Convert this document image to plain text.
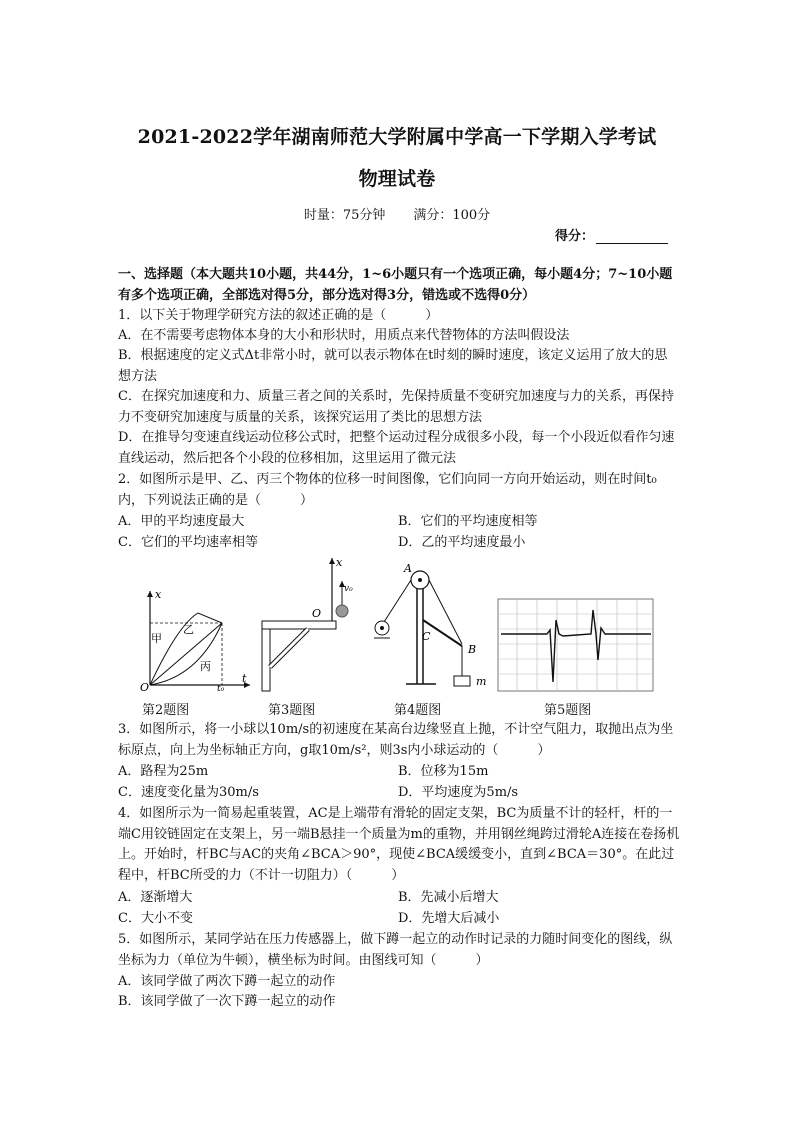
2021-2022学年湖南师范大学附属中学高一下学期入学考试
物理试卷
时量：75分钟 满分：100分
得分：
一、选择题（本大题共10小题，共44分，1~6小题只有一个选项正确，每小题4分；7~10小题有多个选项正确，全部选对得5分，部分选对得3分，错选或不选得0分）
1．以下关于物理学研究方法的叙述正确的是（　　　）
A．在不需要考虑物体本身的大小和形状时，用质点来代替物体的方法叫假设法
B．根据速度的定义式Δt非常小时，就可以表示物体在t时刻的瞬时速度，该定义运用了放大的思想方法
C．在探究加速度和力、质量三者之间的关系时，先保持质量不变研究加速度与力的关系，再保持力不变研究加速度与质量的关系，该探究运用了类比的思想方法
D．在推导匀变速直线运动位移公式时，把整个运动过程分成很多小段，每一个小段近似看作匀速直线运动，然后把各个小段的位移相加，这里运用了微元法
2．如图所示是甲、乙、丙三个物体的位移一时间图像，它们向同一方向开始运动，则在时间t₀内，下列说法正确的是（　　　）
A．甲的平均速度最大	B．它们的平均速度相等
C．它们的平均速率相等	D．乙的平均速度最小
x
t
O	t₀
甲
乙
丙
x
v₀
O
A
C
B
m
第2题图	第3题图	第4题图	第5题图
3．如图所示，将一小球以10m/s的初速度在某高台边缘竖直上抛，不计空气阻力，取抛出点为坐标原点，向上为坐标轴正方向，g取10m/s²，则3s内小球运动的（　　　）
A．路程为25m	B．位移为15m
C．速度变化量为30m/s	D．平均速度为5m/s
4．如图所示为一简易起重装置，AC是上端带有滑轮的固定支架，BC为质量不计的轻杆，杆的一端C用铰链固定在支架上，另一端B悬挂一个质量为m的重物，并用钢丝绳跨过滑轮A连接在卷扬机上。开始时，杆BC与AC的夹角∠BCA＞90°，现使∠BCA缓缓变小，直到∠BCA＝30°。在此过程中，杆BC所受的力（不计一切阻力）（　　　）
A．逐渐增大	B．先减小后增大
C．大小不变	D．先增大后减小
5．如图所示，某同学站在压力传感器上，做下蹲一起立的动作时记录的力随时间变化的图线，纵坐标为力（单位为牛顿），横坐标为时间。由图线可知（　　　）
A．该同学做了两次下蹲一起立的动作
B．该同学做了一次下蹲一起立的动作
